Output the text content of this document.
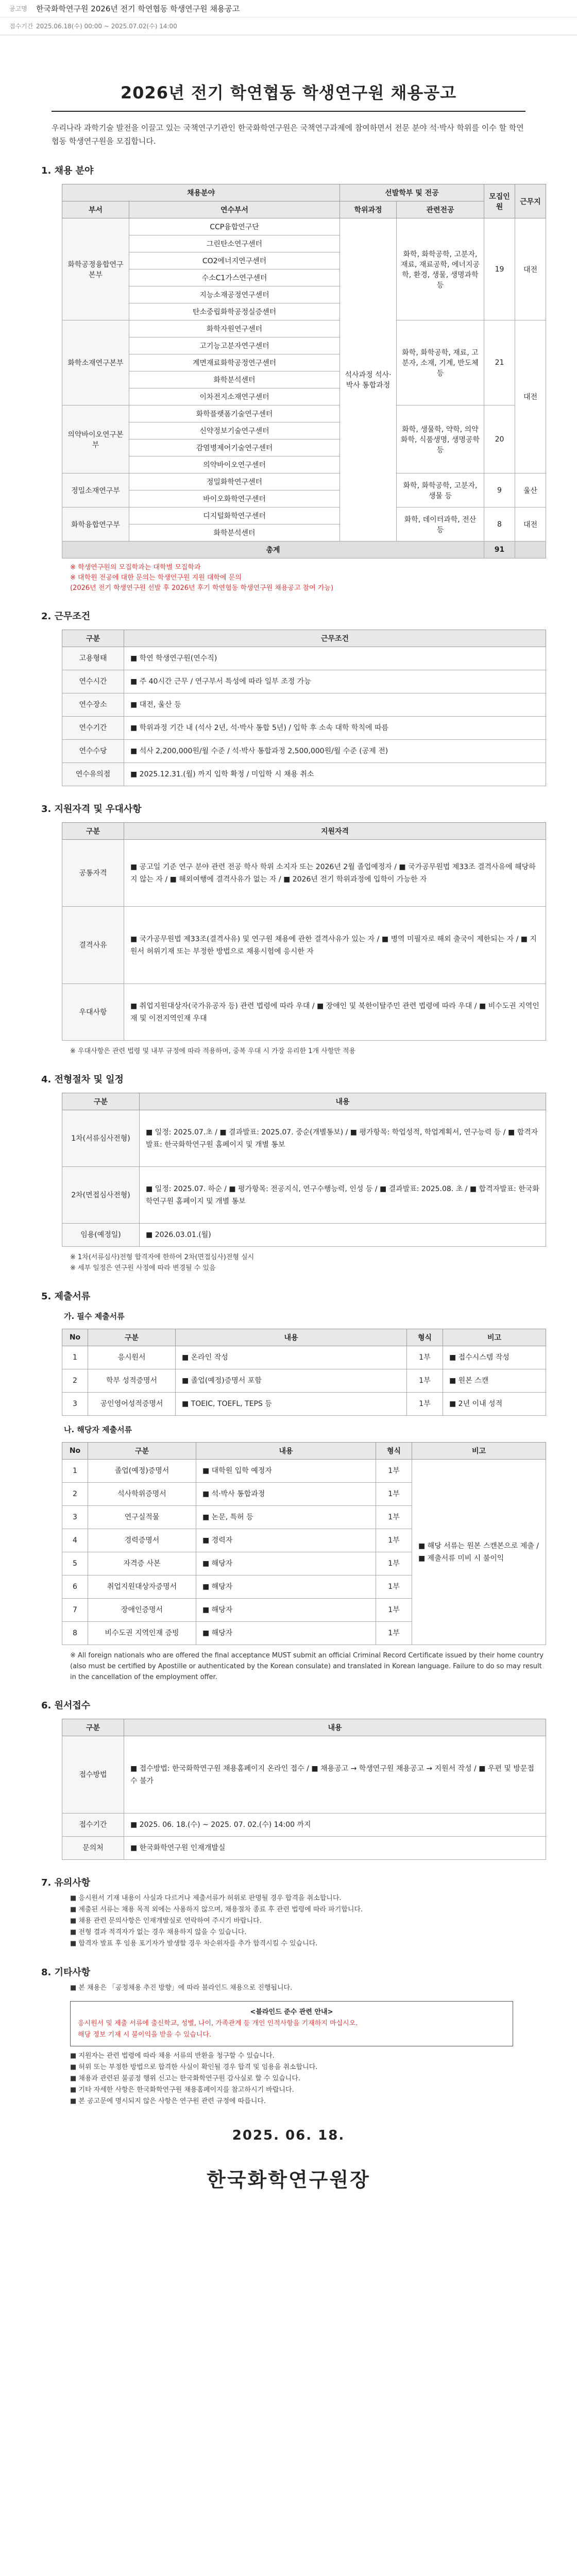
공고명	한국화학연구원 2026년 전기 학연협동 학생연구원 채용공고
접수기간 2025.06.18(수) 00:00 ~ 2025.07.02(수) 14:00
2026년 전기 학연협동 학생연구원 채용공고

우리나라 과학기술 발전을 이끌고 있는 국책연구기관인 한국화학연구원은 국책연구과제에 참여하면서 전문 분야 석·박사 학위를 이수 할 학연협동 학생연구원을 모집합니다.

1. 채용 분야
채용분야		선발학부 및 전공		모집인원	근무지
부서	연수부서	학위과정	관련전공		
화학공정융합연구본부	CCP융합연구단	석사과정 석사·박사 통합과정	화학, 화학공학, 고분자, 재료, 재료공학, 에너지공학, 환경, 생물, 생명과학 등	19	대전
	그린탄소연구센터				
	CO2에너지연구센터				
	수소C1가스연구센터				
	지능소재공정연구센터				
	탄소중립화학공정실증센터				
화학소재연구본부	화학자원연구센터		화학, 화학공학, 재료, 고분자, 소재, 기계, 반도체 등	21	대전
	고기능고분자연구센터				
	계면재료화학공정연구센터				
	화학분석센터				
	이차전지소재연구센터				
의약바이오연구본부	화학플랫폼기술연구센터		화학, 생물학, 약학, 의약화학, 식품생명, 생명공학 등	20	
	신약정보기술연구센터				
	감염병제어기술연구센터				
	의약바이오연구센터				
정밀소재연구부	정밀화학연구센터		화학, 화학공학, 고분자, 생물 등	9	울산
	바이오화학연구센터				
화학융합연구부	디지털화학연구센터		화학, 데이터과학, 전산 등	8	대전
	화학분석센터				
총계				91	
※ 학생연구원의 모집학과는 대학별 모집학과
※ 대학원 전공에 대한 문의는 학생연구원 지원 대학에 문의
(2026년 전기 학생연구원 선발 후 2026년 후기 학연협동 학생연구원 채용공고 참여 가능)
2. 근무조건
구분	근무조건
고용형태	■ 학연 학생연구원(연수직)
연수시간	■ 주 40시간 근무 / 연구부서 특성에 따라 일부 조정 가능
연수장소	■ 대전, 울산 등
연수기간	■ 학위과정 기간 내 (석사 2년, 석·박사 통합 5년) / 입학 후 소속 대학 학칙에 따름
연수수당	■ 석사 2,200,000원/월 수준 / 석·박사 통합과정 2,500,000원/월 수준 (공제 전)
연수유의점	■ 2025.12.31.(월) 까지 입학 확정 / 미입학 시 채용 취소
3. 지원자격 및 우대사항
구분	지원자격
공통자격	■ 공고일 기준 연구 분야 관련 전공 학사 학위 소지자 또는 2026년 2월 졸업예정자 / ■ 국가공무원법 제33조 결격사유에 해당하지 않는 자 / ■ 해외여행에 결격사유가 없는 자 / ■ 2026년 전기 학위과정에 입학이 가능한 자
결격사유	■ 국가공무원법 제33조(결격사유) 및 연구원 채용에 관한 결격사유가 있는 자 / ■ 병역 미필자로 해외 출국이 제한되는 자 / ■ 지원서 허위기재 또는 부정한 방법으로 채용시험에 응시한 자
우대사항	■ 취업지원대상자(국가유공자 등) 관련 법령에 따라 우대 / ■ 장애인 및 북한이탈주민 관련 법령에 따라 우대 / ■ 비수도권 지역인재 및 이전지역인재 우대
※ 우대사항은 관련 법령 및 내부 규정에 따라 적용하며, 중복 우대 시 가장 유리한 1개 사항만 적용
4. 전형절차 및 일정
구분	내용
1차(서류심사전형)	■ 일정: 2025.07.초 / ■ 결과발표: 2025.07. 중순(개별통보) / ■ 평가항목: 학업성적, 학업계획서, 연구능력 등 / ■ 합격자발표: 한국화학연구원 홈페이지 및 개별 통보
2차(면접심사전형)	■ 일정: 2025.07. 하순 / ■ 평가항목: 전공지식, 연구수행능력, 인성 등 / ■ 결과발표: 2025.08. 초 / ■ 합격자발표: 한국화학연구원 홈페이지 및 개별 통보
임용(예정일)	■ 2026.03.01.(월)
※ 1차(서류심사)전형 합격자에 한하여 2차(면접심사)전형 실시
※ 세부 일정은 연구원 사정에 따라 변경될 수 있음
5. 제출서류
가. 필수 제출서류
No	구분	내용	형식	비고
1	응시원서	■ 온라인 작성	1부	■ 접수시스템 작성
2	학부 성적증명서	■ 졸업(예정)증명서 포함	1부	■ 원본 스캔
3	공인영어성적증명서	■ TOEIC, TOEFL, TEPS 등	1부	■ 2년 이내 성적
나. 해당자 제출서류
No	구분	내용	형식	비고
1	졸업(예정)증명서	■ 대학원 입학 예정자	1부	■ 해당 서류는 원본 스캔본으로 제출 / ■ 제출서류 미비 시 불이익
2	석사학위증명서	■ 석·박사 통합과정	1부	
3	연구실적물	■ 논문, 특허 등	1부	
4	경력증명서	■ 경력자	1부	
5	자격증 사본	■ 해당자	1부	
6	취업지원대상자증명서	■ 해당자	1부	
7	장애인증명서	■ 해당자	1부	
8	비수도권 지역인재 증빙	■ 해당자	1부	
※ All foreign nationals who are offered the final acceptance MUST submit an official Criminal Record Certificate issued by their home country (also must be certified by Apostille or authenticated by the Korean consulate) and translated in Korean language. Failure to do so may result in the cancellation of the employment offer.
6. 원서접수
구분	내용
접수방법	■ 접수방법: 한국화학연구원 채용홈페이지 온라인 접수 / ■ 채용공고 → 학생연구원 채용공고 → 지원서 작성 / ■ 우편 및 방문접수 불가
접수기간	■ 2025. 06. 18.(수) ~ 2025. 07. 02.(수) 14:00 까지
문의처	■ 한국화학연구원 인재개발실
7. 유의사항
■ 응시원서 기재 내용이 사실과 다르거나 제출서류가 허위로 판명될 경우 합격을 취소합니다.
■ 제출된 서류는 채용 목적 외에는 사용하지 않으며, 채용절차 종료 후 관련 법령에 따라 파기합니다.
■ 채용 관련 문의사항은 인재개발실로 연락하여 주시기 바랍니다.
■ 전형 결과 적격자가 없는 경우 채용하지 않을 수 있습니다.
■ 합격자 발표 후 임용 포기자가 발생할 경우 차순위자를 추가 합격시킬 수 있습니다.
8. 기타사항
■ 본 채용은 「공정채용 추진 방향」에 따라 블라인드 채용으로 진행됩니다.
<블라인드 준수 관련 안내>
응시원서 및 제출 서류에 출신학교, 성별, 나이, 가족관계 등 개인 인적사항을 기재하지 마십시오.
해당 정보 기재 시 불이익을 받을 수 있습니다.
■ 지원자는 관련 법령에 따라 채용 서류의 반환을 청구할 수 있습니다.
■ 허위 또는 부정한 방법으로 합격한 사실이 확인될 경우 합격 및 임용을 취소합니다.
■ 채용과 관련된 불공정 행위 신고는 한국화학연구원 감사실로 할 수 있습니다.
■ 기타 자세한 사항은 한국화학연구원 채용홈페이지를 참고하시기 바랍니다.
■ 본 공고문에 명시되지 않은 사항은 연구원 관련 규정에 따릅니다.
2025. 06. 18.
한국화학연구원장
